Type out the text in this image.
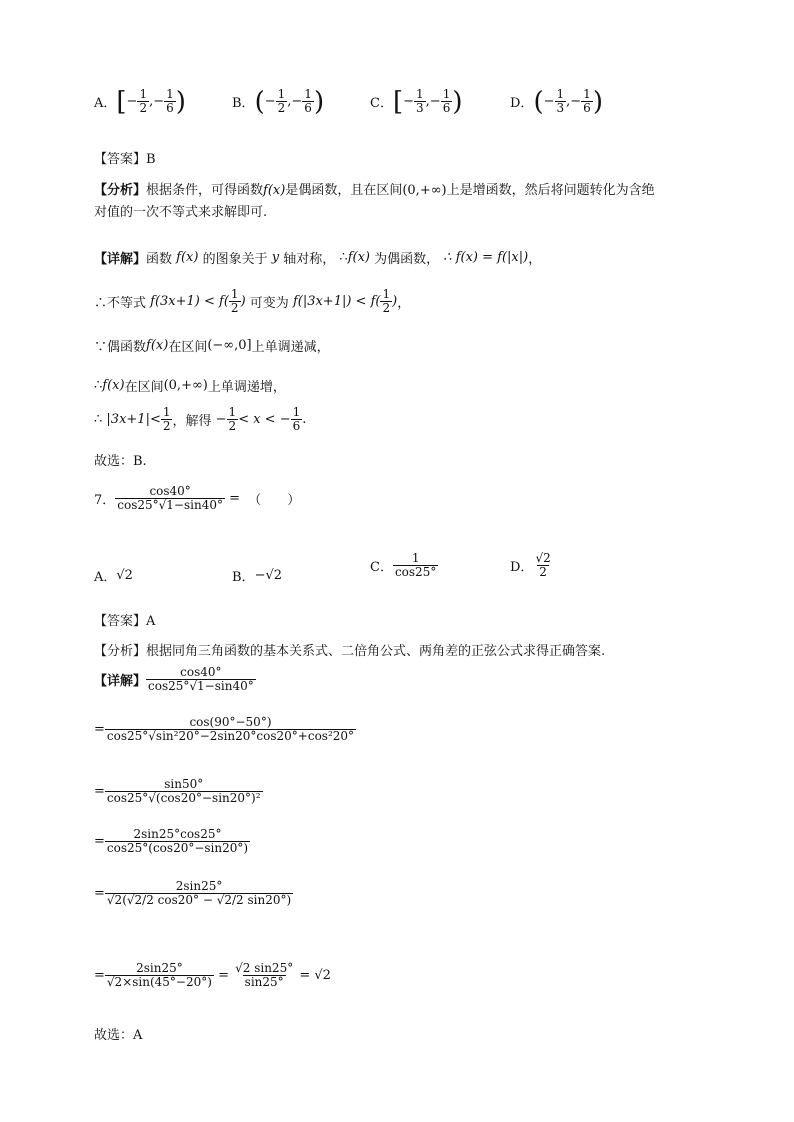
A． [ − $\frac{1}{2}$ ,− $\frac{1}{6}$ )	B． ( − $\frac{1}{2}$ ,− $\frac{1}{6}$ )	C． [ − $\frac{1}{3}$ ,− $\frac{1}{6}$ )	D． ( − $\frac{1}{3}$ ,− $\frac{1}{6}$ )
【答案】B
【分析】根据条件，可得函数f(x)是偶函数，且在区间(0,+∞)上是增函数，然后将问题转化为含绝
对值的一次不等式来求解即可.
【详解】 函数
f(x)
的图象关于
y
轴对称，
∴ f(x)
为偶函数，
∴ f(x) = f(|x|) ，
∴不等式
$f(3x+1) < f( \frac{1}{2}$ )
可变为
$f(|3x+1|) < f( \frac{1}{2}$ ) ，
∵偶函数 f(x) 在区间 (−∞,0] 上单调递减，
∴ f(x) 在区间 (0,+∞) 上单调递增，
∴
$|3x+1|< \frac{1}{2}$ ，解得
− $\frac{1}{2} < x$ < − $\frac{1}{6}$ .
故选：B.
7． $\frac{\cos 40^\circ}{\cos 25^\circ√1-\sin 40^\circ}$
=
（　　）
A． √2	B． −√2
C． $\frac{1}{\cos 25^\circ}$	D． $\frac{√2}{2}$
【答案】A
【分析】根据同角三角函数的基本关系式、二倍角公式、两角差的正弦公式求得正确答案.
【详解】 $\frac{\cos 40^\circ}{\cos 25^\circ√1-\sin 40^\circ}$
= $\frac{\cos(90^\circ-50^\circ)}{\text{cos25°√sin²20°−2sin20°cos20°+cos²20°}}$
= $\frac{\sin 50^\circ}{\text{cos25°√(cos20°−sin20°)²}}$
= $\frac{2\sin 25^\circ\cos 25^\circ}{\cos 25^\circ(\cos 20^\circ-\sin 20^\circ)}$
= $\frac{2\sin 25^\circ}{√2(√2/2 \cos 20^\circ - √2/2 \sin 20^\circ)}$
= $\frac{2\sin 25^\circ}{√2\times\sin(45^\circ-20^\circ)} = \frac{√2 \sin 25^\circ}{\sin 25^\circ} = √2$
故选：A
